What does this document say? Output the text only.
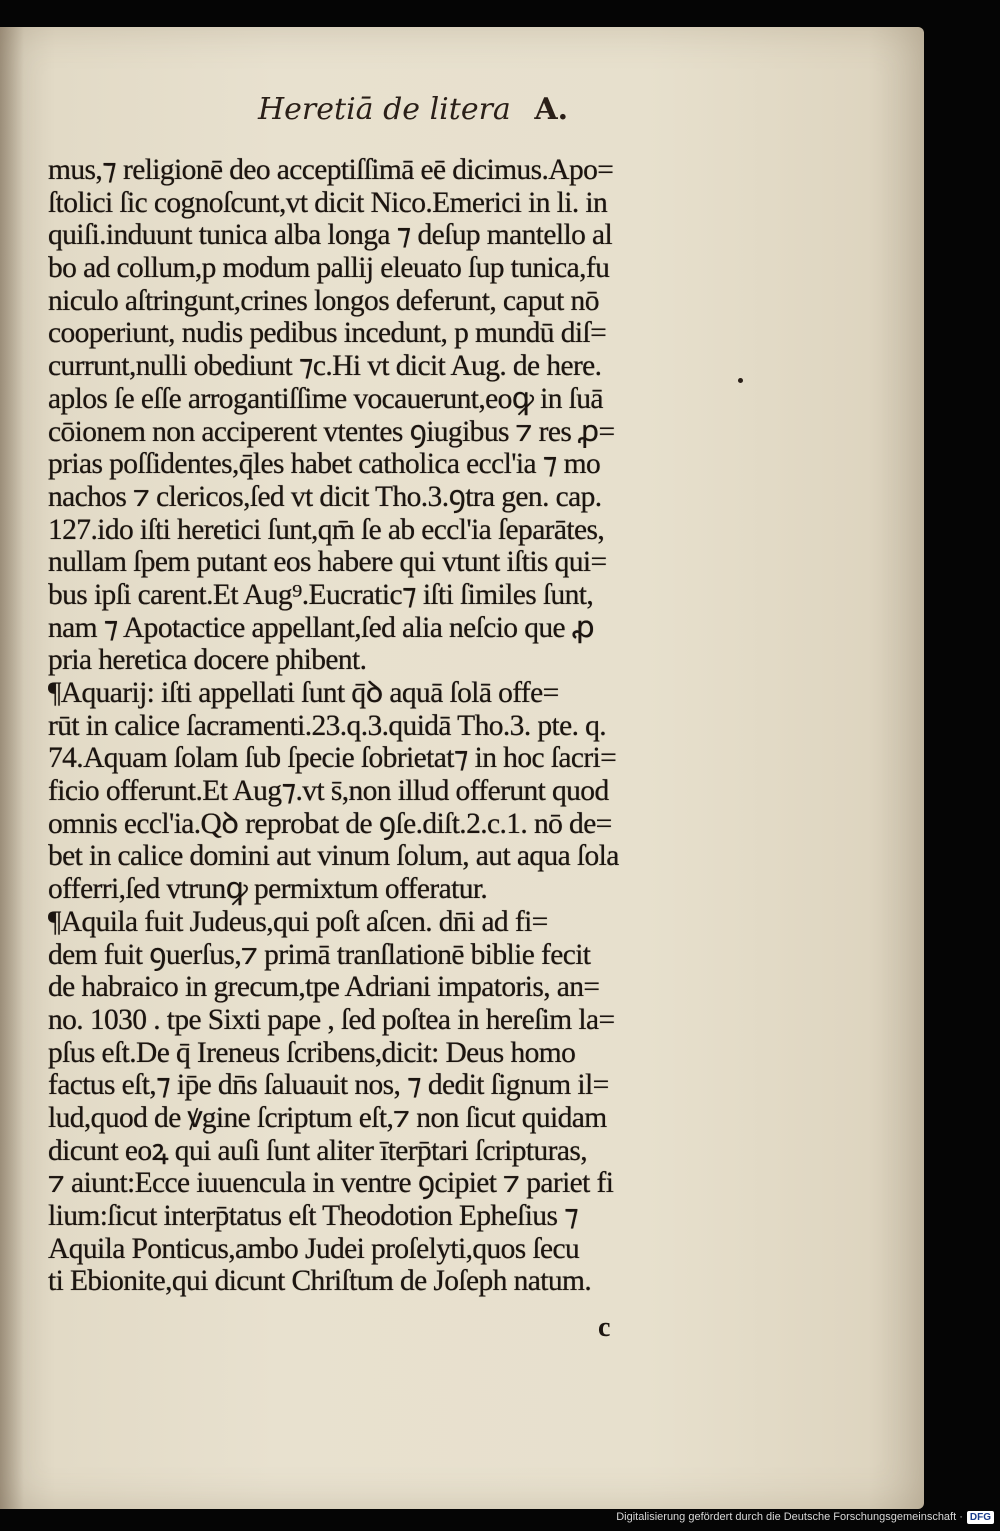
Heretiā de litera A.
mus,⁊ religionē deo acceptiſſimā eē dicimus.Apo=
ſtolici ſic cognoſcunt,vt dicit Nico.Emerici in li. in
quiſi.induunt tunica alba longa ⁊ deſup mantello al
bo ad collum,p modum pallij eleuato ſup tunica,fu
niculo aſtringunt,crines longos deferunt, caput nō
cooperiunt, nudis pedibus incedunt, p mundū diſ=
currunt,nulli obediunt ⁊c.Hi vt dicit Aug. de here.
aplos ſe eſſe arrogantiſſime vocauerunt,eoꝙ in ſuā
cōionem non acciperent vtentes ꝯiugibus ⁊ res ꝓ=
prias poſſidentes,q̄les habet catholica eccl'ia ⁊ mo
nachos ⁊ clericos,ſed vt dicit Tho.3.ꝯtra gen. cap.
127.ido iſti heretici ſunt,qm̄ ſe ab eccl'ia ſeparātes,
nullam ſpem putant eos habere qui vtunt iſtis qui=
bus ipſi carent.Et Aug⁹.Eucratic⁊ iſti ſimiles ſunt,
nam ⁊ Apotactice appellant,ſed alia neſcio que ꝓ
pria heretica docere phibent.
¶Aquarij: iſti appellati ſunt q̄ꝺ aquā ſolā offe=
rūt in calice ſacramenti.23.q.3.quidā Tho.3. pte. q.
74.Aquam ſolam ſub ſpecie ſobrietat⁊ in hoc ſacri=
ficio offerunt.Et Aug⁊.vt s̄,non illud offerunt quod
omnis eccl'ia.Qꝺ reprobat de ꝯſe.diſt.2.c.1. nō de=
bet in calice domini aut vinum ſolum, aut aqua ſola
offerri,ſed vtrunꝙ permixtum offeratur.
¶Aquila fuit Judeus,qui poſt aſcen. dn̄i ad fi=
dem fuit ꝯuerſus,⁊ primā tranſlationē biblie fecit
de habraico in grecum,tpe Adriani impatoris, an=
no. 1030 . tpe Sixti pape , ſed poſtea in hereſim la=
pſus eſt.De q̄ Ireneus ſcribens,dicit: Deus homo
factus eſt,⁊ ip̄e dn̄s ſaluauit nos, ⁊ dedit ſignum il=
lud,quod de ꝟgine ſcriptum eſt,⁊ non ſicut quidam
dicunt eoꝝ qui auſi ſunt aliter īterp̄tari ſcripturas,
⁊ aiunt:Ecce iuuencula in ventre ꝯcipiet ⁊ pariet fi
lium:ſicut interp̄tatus eſt Theodotion Epheſius ⁊
Aquila Ponticus,ambo Judei proſelyti,quos ſecu
ti Ebionite,qui dicunt Chriſtum de Joſeph natum.
c
Digitalisierung gefördert durch die Deutsche Forschungsgemeinschaft · DFG
